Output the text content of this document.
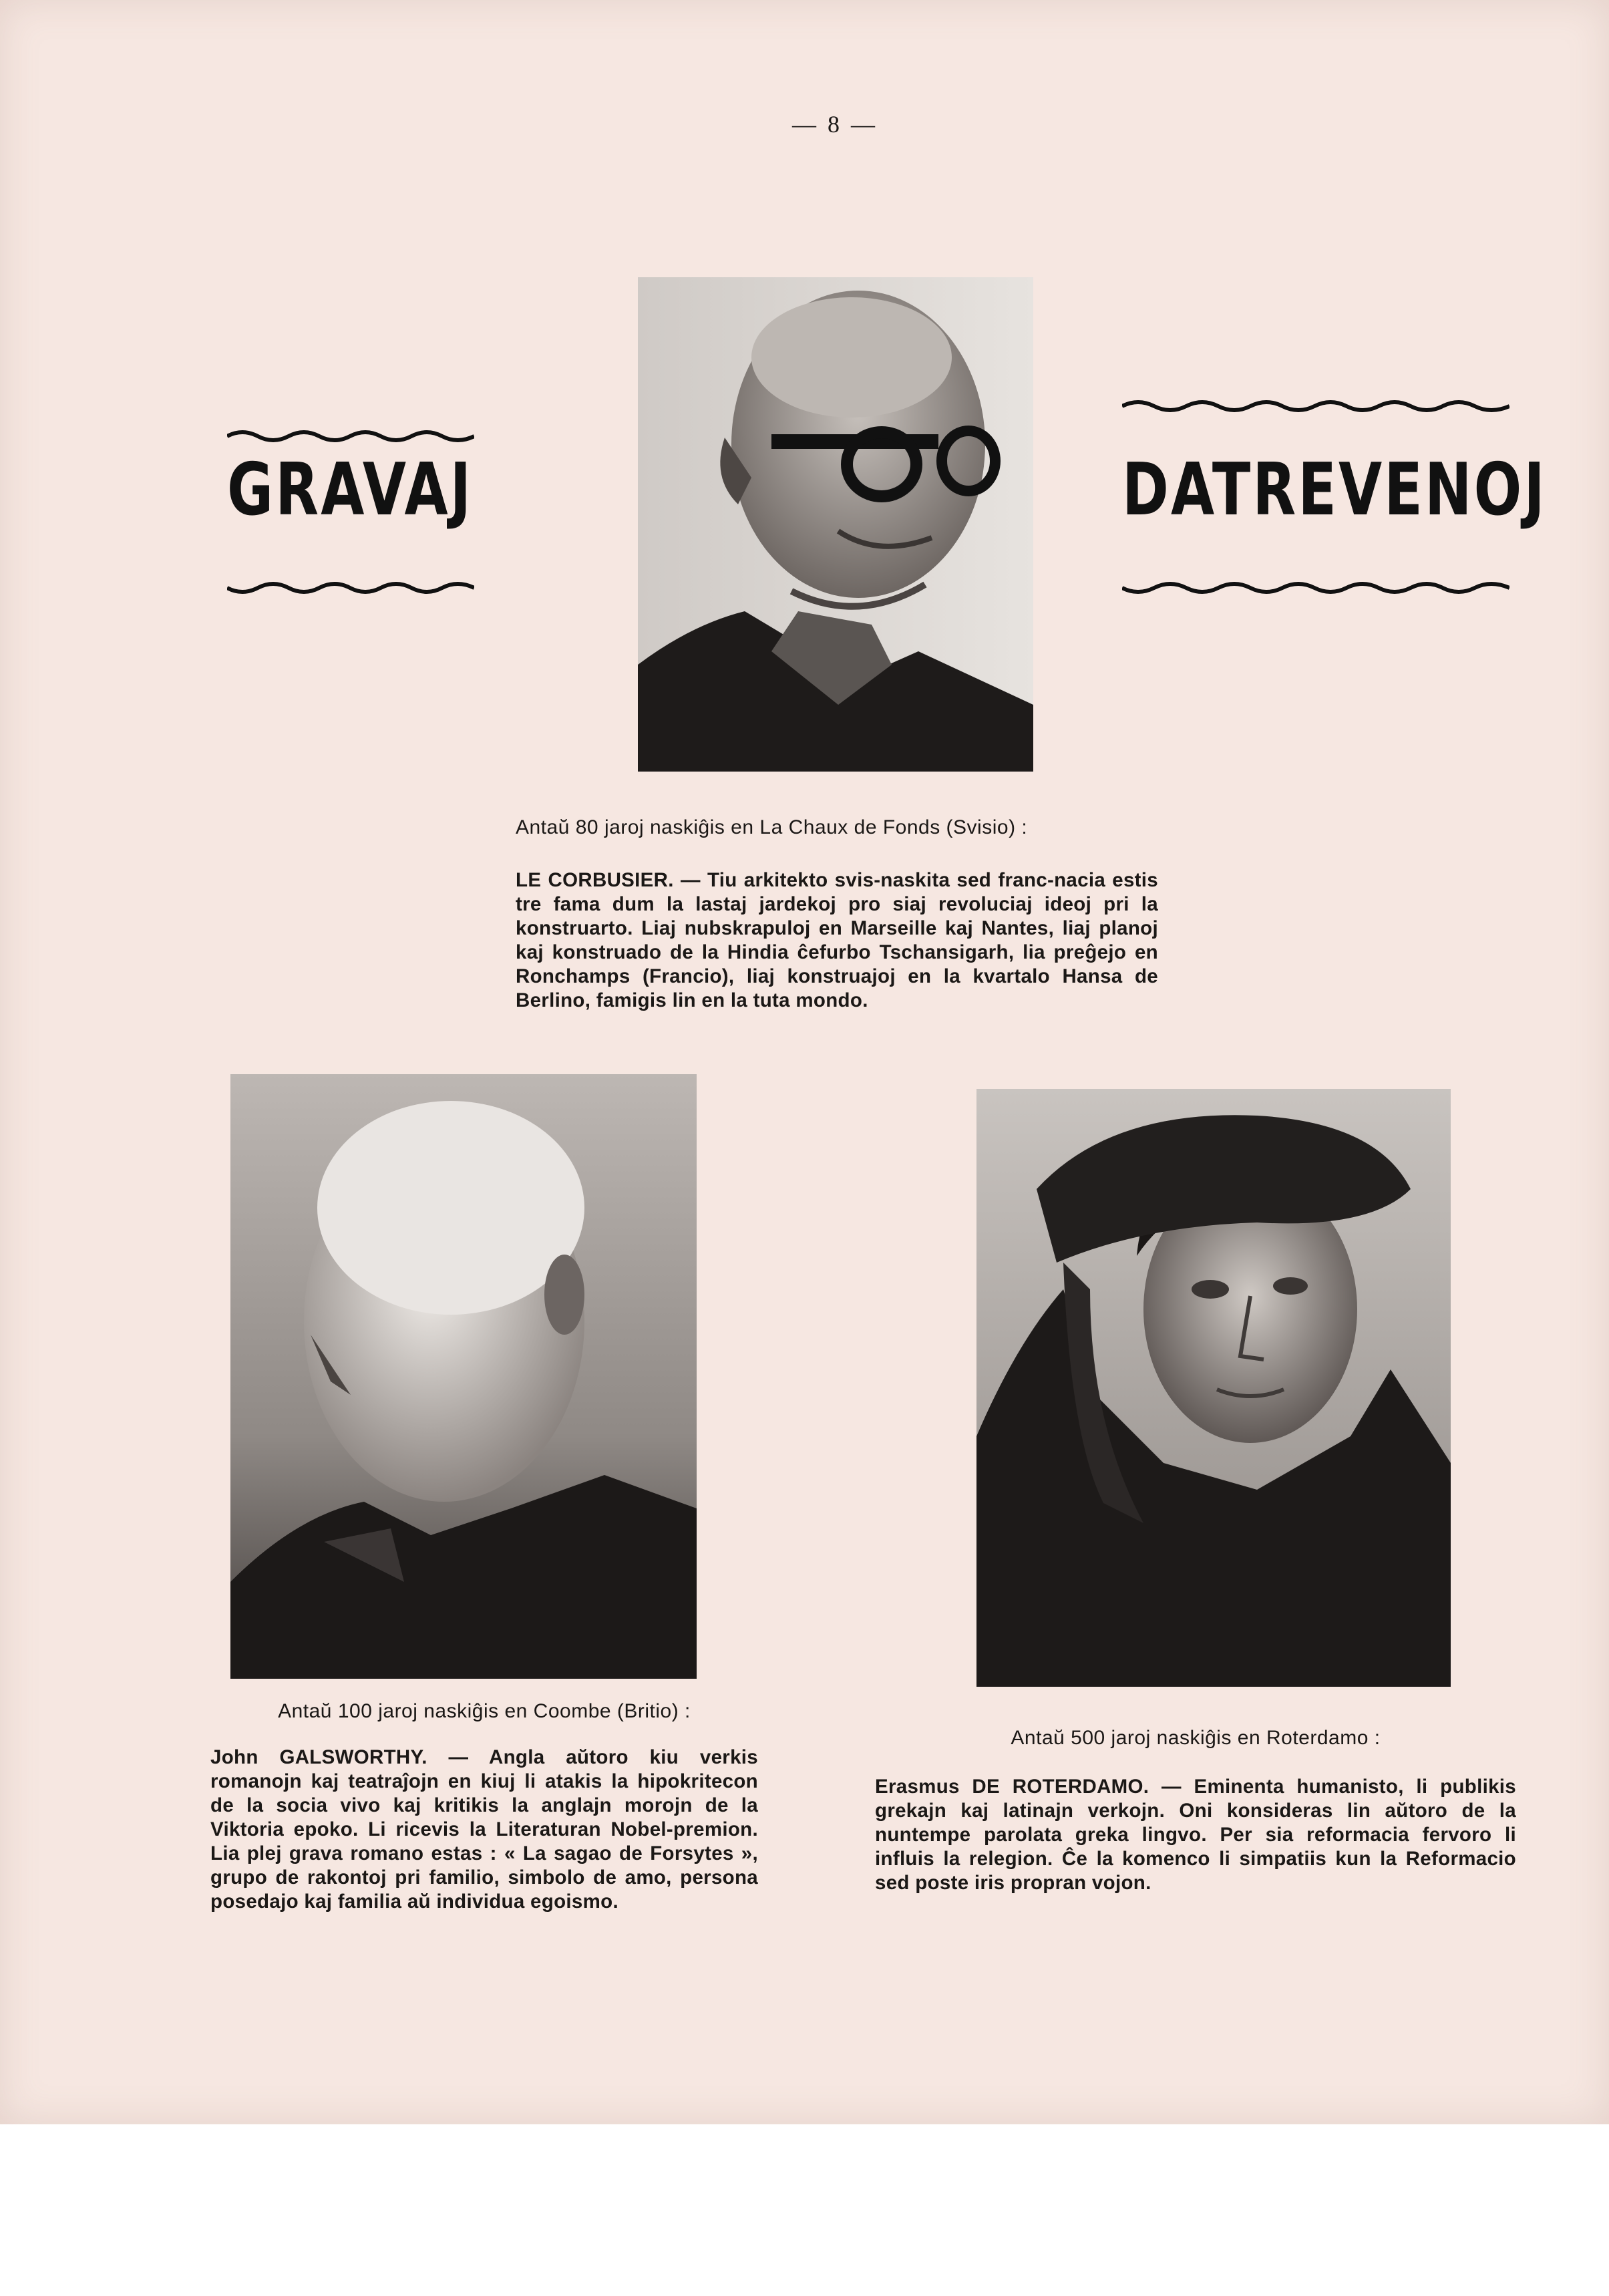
— 8 —
GRAVAJ	DATREVENOJ
Antaŭ 80 jaroj naskiĝis en La Chaux de Fonds (Svisio) :

LE CORBUSIER. — Tiu arkitekto svis-naskita sed franc-nacia estis tre fama dum la lastaj jardekoj pro siaj revoluciaj ideoj pri la konstruarto. Liaj nubskrapuloj en Marseille kaj Nantes, liaj planoj kaj konstruado de la Hindia ĉefurbo Tschansigarh, lia preĝejo en Ronchamps (Francio), liaj konstruajoj en la kvartalo Hansa de Berlino, famigis lin en la tuta mondo.

Antaŭ 100 jaroj naskiĝis en Coombe (Britio) :

John GALSWORTHY. — Angla aŭtoro kiu verkis romanojn kaj teatraĵojn en kiuj li atakis la hipokritecon de la socia vivo kaj kritikis la anglajn morojn de la Viktoria epoko. Li ricevis la Literaturan Nobel-premion. Lia plej grava romano estas : « La sagao de Forsytes », grupo de rakontoj pri familio, simbolo de amo, persona posedajo kaj familia aŭ individua egoismo.

Antaŭ 500 jaroj naskiĝis en Roterdamo :

Erasmus DE ROTERDAMO. — Eminenta humanisto, li publikis grekajn kaj latinajn verkojn. Oni konsideras lin aŭtoro de la nuntempe parolata greka lingvo. Per sia reformacia fervoro li influis la relegion. Ĉe la komenco li simpatiis kun la Reformacio sed poste iris propran vojon.
